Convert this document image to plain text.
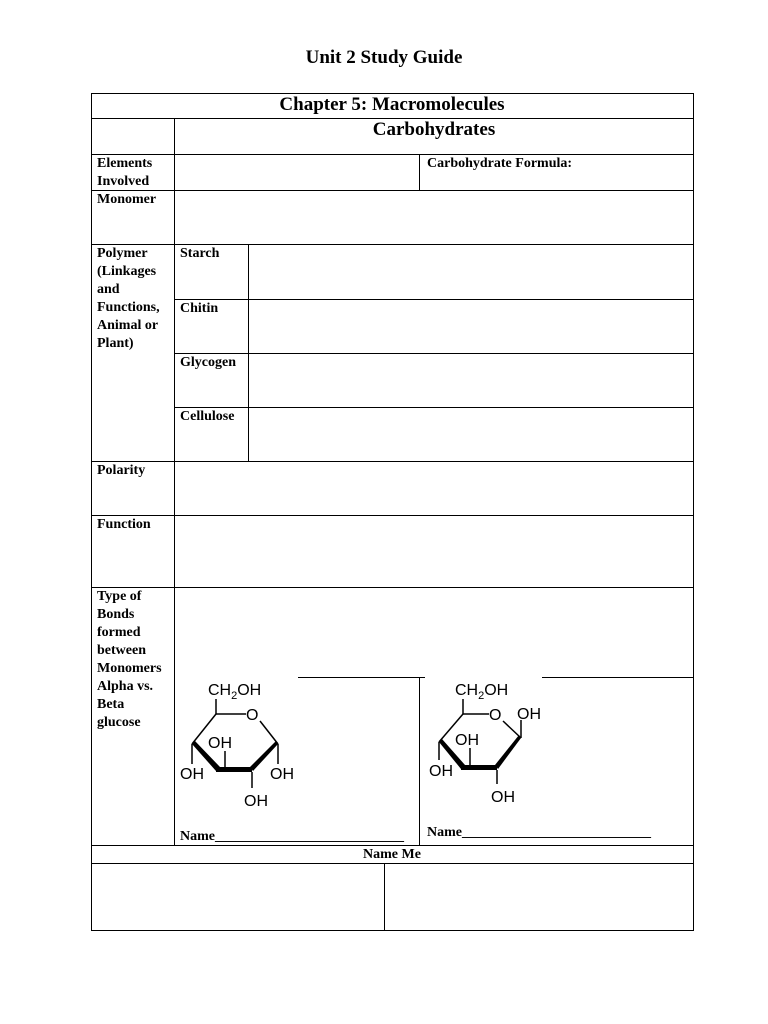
Unit 2 Study Guide
Chapter 5: Macromolecules
Carbohydrates
Elements Involved
Carbohydrate Formula:
Monomer
Polymer (Linkages and Functions, Animal or Plant)
Starch
Chitin
Glycogen
Cellulose
Polarity
Function
Type of Bonds formed between Monomers
Alpha vs. Beta glucose
Name___________________________ Name___________________________
Name Me
$CH_2OH$
O
OH
OH
OH
OH
$CH_2OH$
O OH
OH
OH
OH
